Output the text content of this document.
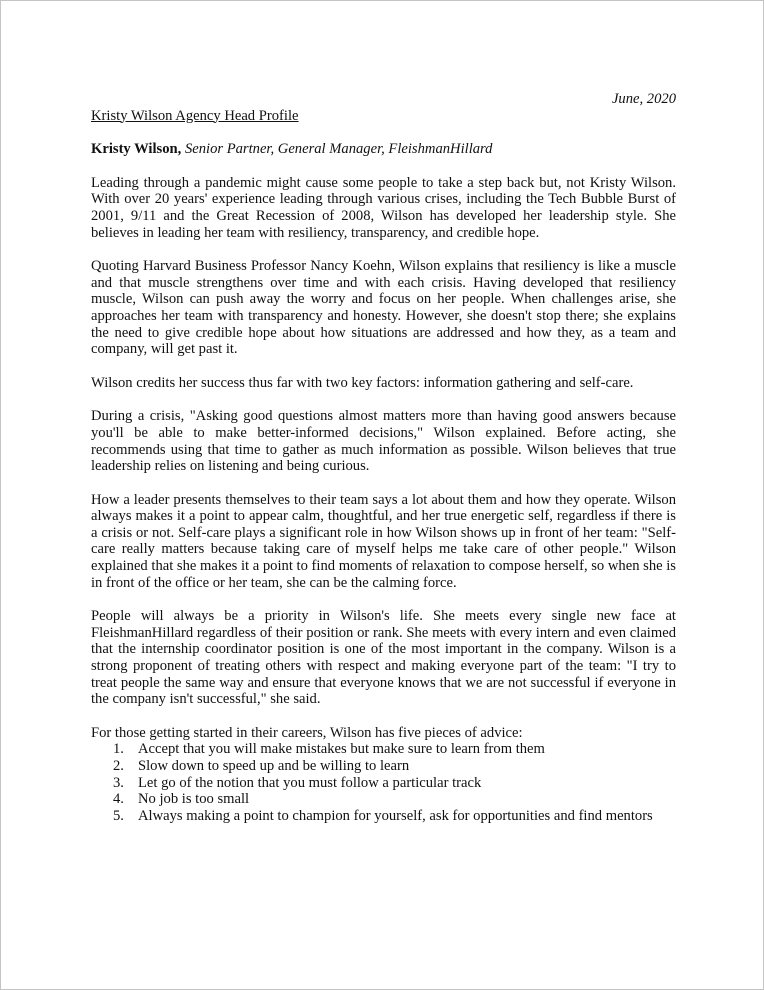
June, 2020

Kristy Wilson Agency Head Profile

Kristy Wilson, Senior Partner, General Manager, FleishmanHillard

Leading through a pandemic might cause some people to take a step back but, not Kristy Wilson. With over 20 years' experience leading through various crises, including the Tech Bubble Burst of 2001, 9/11 and the Great Recession of 2008, Wilson has developed her leadership style. She believes in leading her team with resiliency, transparency, and credible hope.

Quoting Harvard Business Professor Nancy Koehn, Wilson explains that resiliency is like a muscle and that muscle strengthens over time and with each crisis. Having developed that resiliency muscle, Wilson can push away the worry and focus on her people. When challenges arise, she approaches her team with transparency and honesty. However, she doesn't stop there; she explains the need to give credible hope about how situations are addressed and how they, as a team and company, will get past it.

Wilson credits her success thus far with two key factors: information gathering and self-care.

During a crisis, "Asking good questions almost matters more than having good answers because you'll be able to make better-informed decisions," Wilson explained. Before acting, she recommends using that time to gather as much information as possible. Wilson believes that true leadership relies on listening and being curious.

How a leader presents themselves to their team says a lot about them and how they operate. Wilson always makes it a point to appear calm, thoughtful, and her true energetic self, regardless if there is a crisis or not. Self-care plays a significant role in how Wilson shows up in front of her team: "Self-care really matters because taking care of myself helps me take care of other people." Wilson explained that she makes it a point to find moments of relaxation to compose herself, so when she is in front of the office or her team, she can be the calming force.

People will always be a priority in Wilson's life. She meets every single new face at FleishmanHillard regardless of their position or rank. She meets with every intern and even claimed that the internship coordinator position is one of the most important in the company. Wilson is a strong proponent of treating others with respect and making everyone part of the team: "I try to treat people the same way and ensure that everyone knows that we are not successful if everyone in the company isn't successful," she said.

For those getting started in their careers, Wilson has five pieces of advice:

1. Accept that you will make mistakes but make sure to learn from them
2. Slow down to speed up and be willing to learn
3. Let go of the notion that you must follow a particular track
4. No job is too small
5. Always making a point to champion for yourself, ask for opportunities and find mentors
